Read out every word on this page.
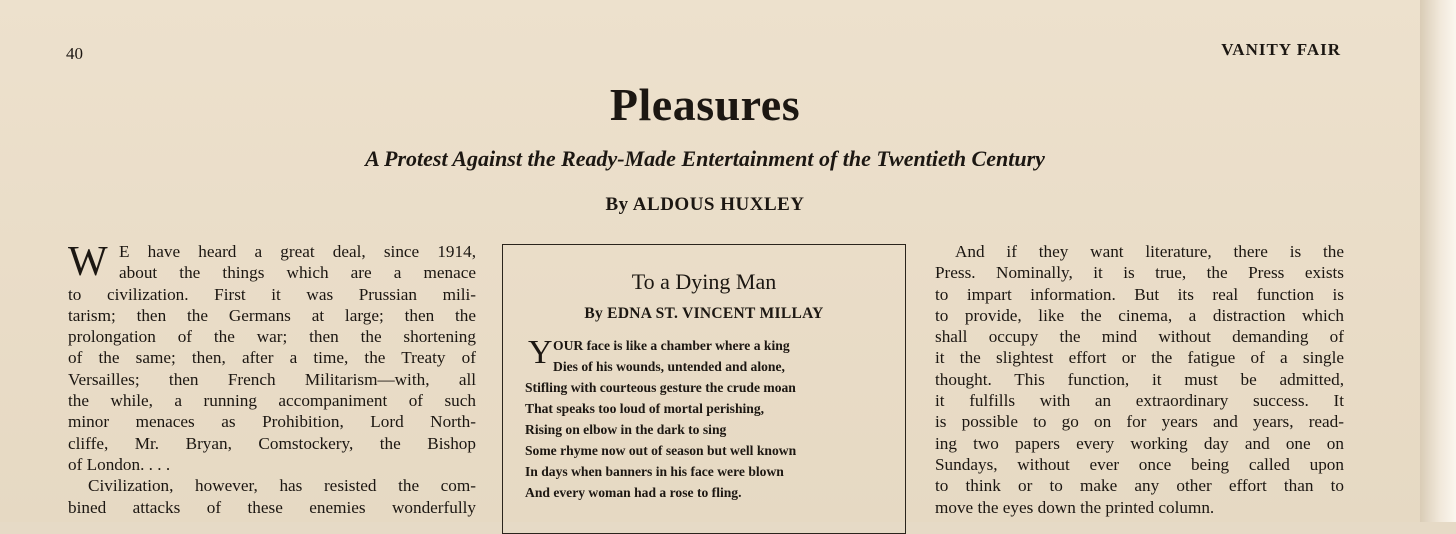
40	VANITY FAIR
Pleasures
A Protest Against the Ready-Made Entertainment of the Twentieth Century
By ALDOUS HUXLEY
W E have heard a great deal, since 1914,
about the things which are a menace
to civilization. First it was Prussian mili-
tarism; then the Germans at large; then the
prolongation of the war; then the shortening
of the same; then, after a time, the Treaty of
Versailles; then French Militarism—with, all
the while, a running accompaniment of such
minor menaces as Prohibition, Lord North-
cliffe, Mr. Bryan, Comstockery, the Bishop
of London. . . .
Civilization, however, has resisted the com-
bined attacks of these enemies wonderfully
To a Dying Man
By EDNA ST. VINCENT MILLAY
Y OUR face is like a chamber where a king
Dies of his wounds, untended and alone,
Stifling with courteous gesture the crude moan
That speaks too loud of mortal perishing,
Rising on elbow in the dark to sing
Some rhyme now out of season but well known
In days when banners in his face were blown
And every woman had a rose to fling.
And if they want literature, there is the
Press. Nominally, it is true, the Press exists
to impart information. But its real function is
to provide, like the cinema, a distraction which
shall occupy the mind without demanding of
it the slightest effort or the fatigue of a single
thought. This function, it must be admitted,
it fulfills with an extraordinary success. It
is possible to go on for years and years, read-
ing two papers every working day and one on
Sundays, without ever once being called upon
to think or to make any other effort than to
move the eyes down the printed column.
